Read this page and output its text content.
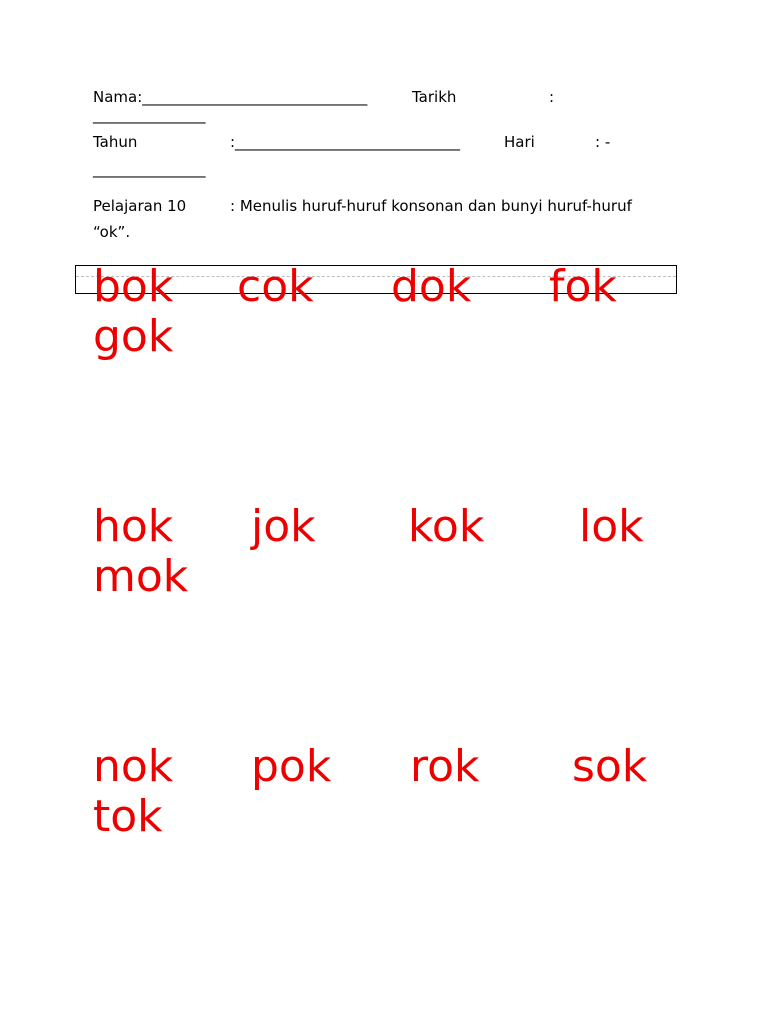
Nama:______________________________	Tarikh	:
_______________
Tahun	:______________________________	Hari	: -
_______________
Pelajaran 10	: Menulis huruf-huruf konsonan dan bunyi huruf-huruf
“ok”.
bok cok dok fok
gok
hok jok kok lok
mok
nok pok rok sok
tok
